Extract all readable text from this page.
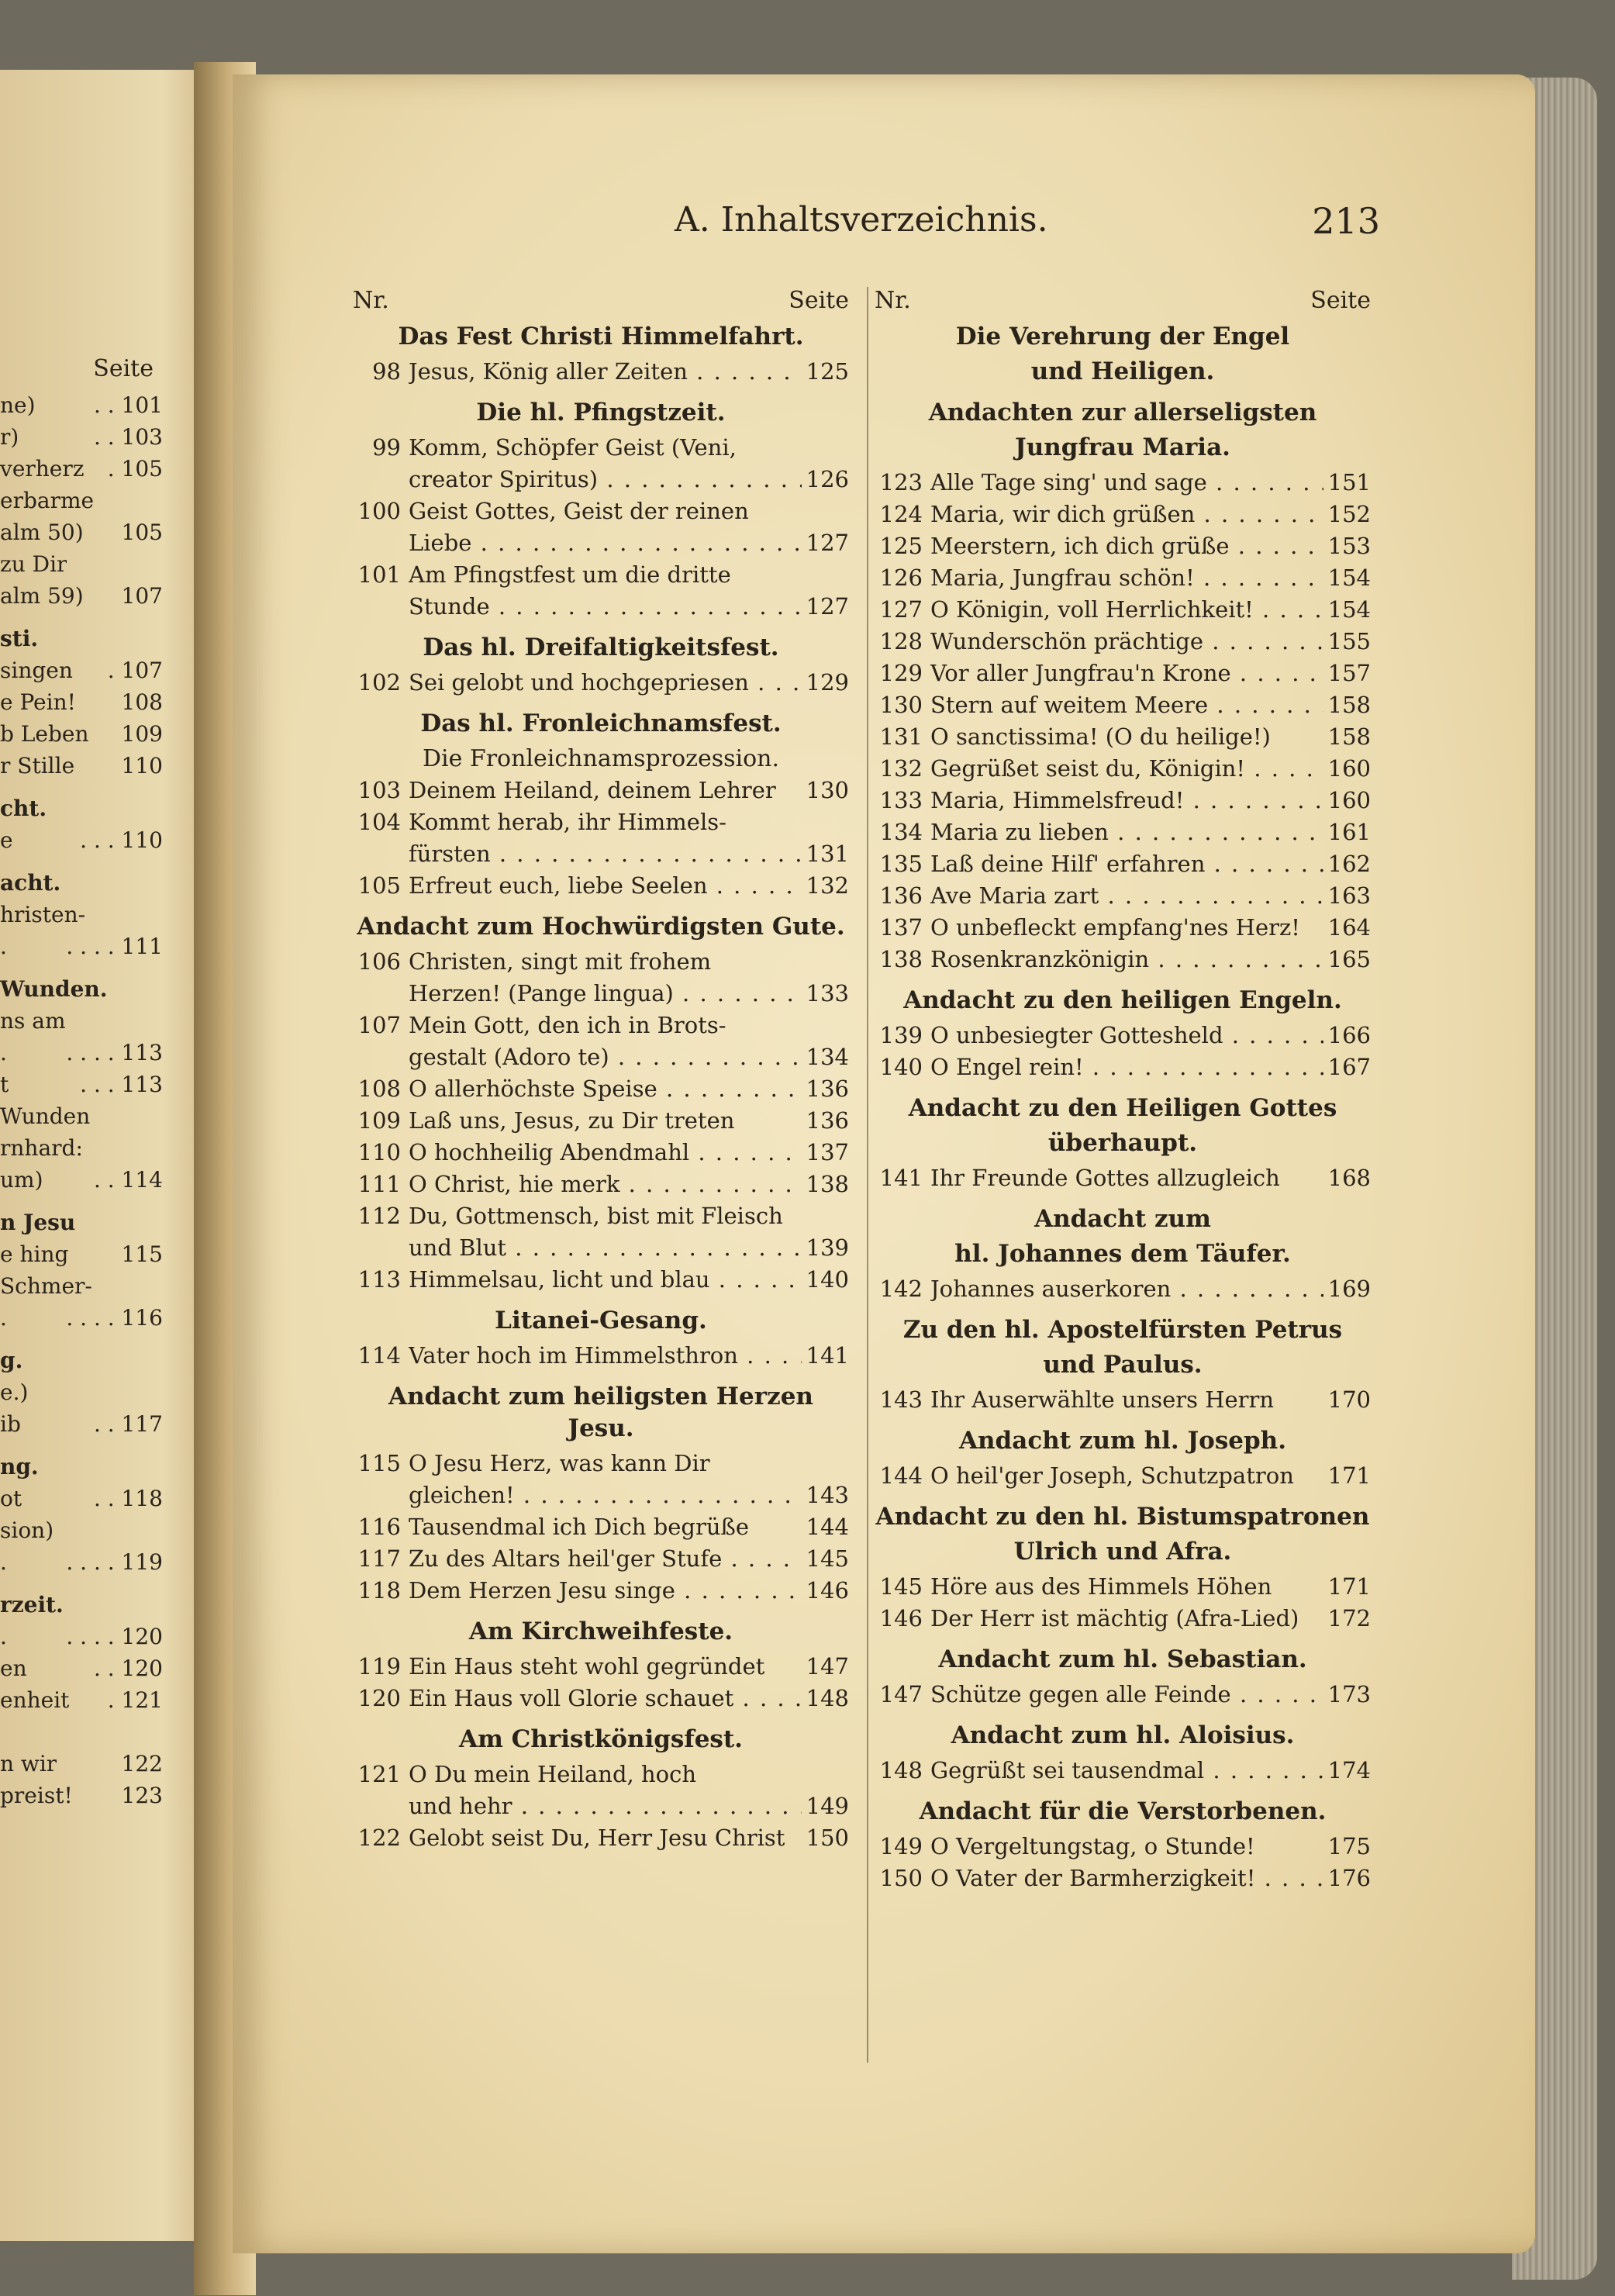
Seite
ne)	. . 101
r)	. . 103
verherz . 105
erbarme
alm 50) 105
zu Dir
alm 59) 107
sti.
singen . 107
e Pein! 108
b Leben 109
r Stille 110
cht.
e	. . . 110
acht.
hristen-
.	. . . . 111
Wunden.
ns am
.	. . . . 113
t	. . . 113
Wunden
rnhard:
um) . . 114
n Jesu
e hing 115
Schmer-
.	. . . . 116
g.
e.)
ib	. . 117
ng.
ot	. . 118
sion)
.	. . . . 119
rzeit.
.	. . . . 120
en	. . 120
enheit . 121
n wir	122
preist! 123
A. Inhaltsverzeichnis.	213
Nr.	Seite
Das Fest Christi Himmelfahrt.
98 Jesus, König aller Zeiten . . .	125
Die hl. Pfingstzeit.
99 Komm, Schöpfer Geist (Veni,
creator Spiritus) . . .	126
100 Geist Gottes, Geist der reinen
Liebe . . .	127
101 Am Pfingstfest um die dritte
Stunde . . .	127
Das hl. Dreifaltigkeitsfest.
102 Sei gelobt und hochgepriesen . . .	129
Das hl. Fronleichnamsfest.
Die Fronleichnamsprozession.
103 Deinem Heiland, deinem Lehrer	130
104 Kommt herab, ihr Himmels-
fürsten . . .	131
105 Erfreut euch, liebe Seelen . . .	132
Andacht zum Hochwürdigsten Gute.
106 Christen, singt mit frohem
Herzen! (Pange lingua) . . .	133
107 Mein Gott, den ich in Brots-
gestalt (Adoro te) . . .	134
108 O allerhöchste Speise . . .	136
109 Laß uns, Jesus, zu Dir treten	136
110 O hochheilig Abendmahl . . .	137
111 O Christ, hie merk . . .	138
112 Du, Gottmensch, bist mit Fleisch
und Blut . . .	139
113 Himmelsau, licht und blau . . .	140
Litanei-Gesang.
114 Vater hoch im Himmelsthron . . .	141
Andacht zum heiligsten Herzen Jesu.
115 O Jesu Herz, was kann Dir
gleichen! . . .	143
116 Tausendmal ich Dich begrüße	144
117 Zu des Altars heil'ger Stufe . . .	145
118 Dem Herzen Jesu singe . . .	146
Am Kirchweihfeste.
119 Ein Haus steht wohl gegründet	147
120 Ein Haus voll Glorie schauet . . .	148
Am Christkönigsfest.
121 O Du mein Heiland, hoch
und hehr . . .	149
122 Gelobt seist Du, Herr Jesu Christ 150
Nr.	Seite
Die Verehrung der Engel
und Heiligen.
Andachten zur allerseligsten
Jungfrau Maria.
123 Alle Tage sing' und sage . . .	151
124 Maria, wir dich grüßen . . .	152
125 Meerstern, ich dich grüße . . .	153
126 Maria, Jungfrau schön! . . .	154
127 O Königin, voll Herrlichkeit! . . .	154
128 Wunderschön prächtige . . .	155
129 Vor aller Jungfrau'n Krone . . .	157
130 Stern auf weitem Meere . . .	158
131 O sanctissima! (O du heilige!)	158
132 Gegrüßet seist du, Königin! . . .	160
133 Maria, Himmelsfreud! . . .	160
134 Maria zu lieben . . .	161
135 Laß deine Hilf' erfahren . . .	162
136 Ave Maria zart . . .	163
137 O unbefleckt empfang'nes Herz!	164
138 Rosenkranzkönigin . . .	165
Andacht zu den heiligen Engeln.
139 O unbesiegter Gottesheld . . .	166
140 O Engel rein! . . .	167
Andacht zu den Heiligen Gottes
überhaupt.
141 Ihr Freunde Gottes allzugleich	168
Andacht zum
hl. Johannes dem Täufer.
142 Johannes auserkoren . . .	169
Zu den hl. Apostelfürsten Petrus
und Paulus.
143 Ihr Auserwählte unsers Herrn	170
Andacht zum hl. Joseph.
144 O heil'ger Joseph, Schutzpatron	171
Andacht zu den hl. Bistumspatronen
Ulrich und Afra.
145 Höre aus des Himmels Höhen	171
146 Der Herr ist mächtig (Afra-Lied)	172
Andacht zum hl. Sebastian.
147 Schütze gegen alle Feinde . . .	173
Andacht zum hl. Aloisius.
148 Gegrüßt sei tausendmal . . .	174
Andacht für die Verstorbenen.
149 O Vergeltungstag, o Stunde!	175
150 O Vater der Barmherzigkeit! . . .	176
